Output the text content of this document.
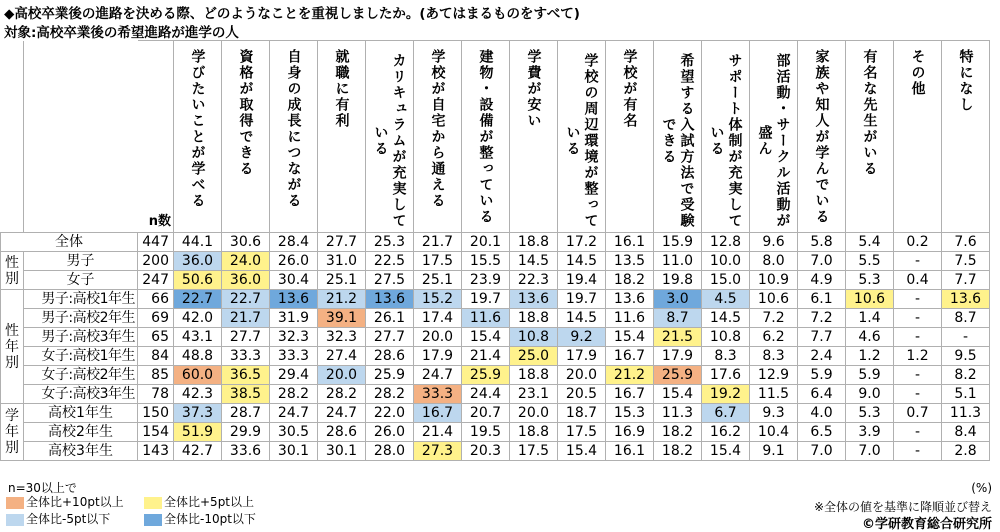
◆高校卒業後の進路を決める際、どのようなことを重視しましたか。(あてはまるものをすべて)
対象:高校卒業後の希望進路が進学の人
		n数	学びたいことが学べる	資格が取得できる	自身の成長につながる	就職に有利	カリキュラムが充実している	学校が自宅から通える	建物・設備が整っている	学費が安い	学校の周辺環境が整っている	学校が有名	希望する入試方法で受験できる	サポート体制が充実している	部活動・サークル活動が盛ん	家族や知人が学んでいる	有名な先生がいる	その他	特になし

全体		447	44.1	30.6	28.4	27.7	25.3	21.7	20.1	18.8	17.2	16.1	15.9	12.8	9.6	5.8	5.4	0.2	7.6

性別	男子	200	36.0	24.0	26.0	31.0	22.5	17.5	15.5	14.5	14.5	13.5	11.0	10.0	8.0	7.0	5.5	-	7.5
	女子	247	50.6	36.0	30.4	25.1	27.5	25.1	23.9	22.3	19.4	18.2	19.8	15.0	10.9	4.9	5.3	0.4	7.7

性年別	男子:高校1年生	66	22.7	22.7	13.6	21.2	13.6	15.2	19.7	13.6	19.7	13.6	3.0	4.5	10.6	6.1	10.6	-	13.6
	男子:高校2年生	69	42.0	21.7	31.9	39.1	26.1	17.4	11.6	18.8	14.5	11.6	8.7	14.5	7.2	7.2	1.4	-	8.7
	男子:高校3年生	65	43.1	27.7	32.3	32.3	27.7	20.0	15.4	10.8	9.2	15.4	21.5	10.8	6.2	7.7	4.6	-	-
	女子:高校1年生	84	48.8	33.3	33.3	27.4	28.6	17.9	21.4	25.0	17.9	16.7	17.9	8.3	8.3	2.4	1.2	1.2	9.5
	女子:高校2年生	85	60.0	36.5	29.4	20.0	25.9	24.7	25.9	18.8	20.0	21.2	25.9	17.6	12.9	5.9	5.9	-	8.2
	女子:高校3年生	78	42.3	38.5	28.2	28.2	28.2	33.3	24.4	23.1	20.5	16.7	15.4	19.2	11.5	6.4	9.0	-	5.1

学年別	高校1年生	150	37.3	28.7	24.7	24.7	22.0	16.7	20.7	20.0	18.7	15.3	11.3	6.7	9.3	4.0	5.3	0.7	11.3
	高校2年生	154	51.9	29.9	30.5	28.6	26.0	21.4	19.5	18.8	17.5	16.9	18.2	16.2	10.4	6.5	3.9	-	8.4
	高校3年生	143	42.7	33.6	30.1	30.1	28.0	27.3	20.3	17.5	15.4	16.1	18.2	15.4	9.1	7.0	7.0	-	2.8
n=30以上で
全体比+10pt以上	全体比+5pt以上
全体比-5pt以下	全体比-10pt以下
(%)
※全体の値を基準に降順並び替え
©学研教育総合研究所
